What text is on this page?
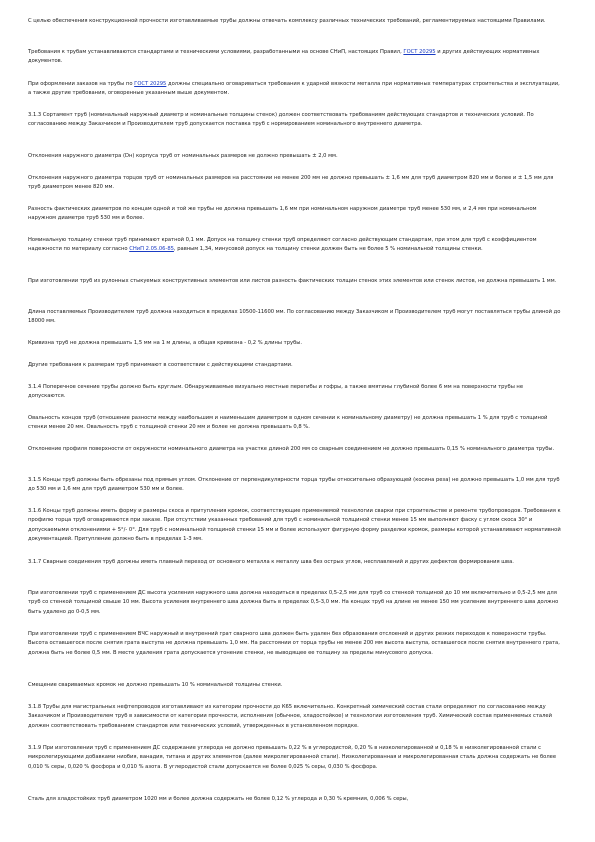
С целью обеспечения конструкционной прочности изготавливаемые трубы должны отвечать комплексу различных технических требований, регламентируемых настоящими Правилами.

Требования к трубам устанавливаются стандартами и техническими условиями, разработанными на основе СНиП, настоящих Правил, ГОСТ 20295 и других действующих нормативных документов.

При оформлении заказов на трубы по ГОСТ 20295 должны специально оговариваться требования к ударной вязкости металла при нормативных температурах строительства и эксплуатации, а также другие требования, оговоренные указанным выше документом.

3.1.3 Сортамент труб (номинальный наружный диаметр и номинальные толщины стенок) должен соответствовать требованиям действующих стандартов и технических условий. По согласованию между Заказчиком и Производителем труб допускается поставка труб с нормированием номинального внутреннего диаметра.

Отклонения наружного диаметра (Dн) корпуса труб от номинальных размеров не должно превышать ± 2,0 мм.

Отклонения наружного диаметра торцов труб от номинальных размеров на расстоянии не менее 200 мм не должно превышать ± 1,6 мм для труб диаметром 820 мм и более и ± 1,5 мм для труб диаметром менее 820 мм.

Разность фактических диаметров по концам одной и той же трубы не должна превышать 1,6 мм при номинальном наружном диаметре труб менее 530 мм, и 2,4 мм при номинальном наружном диаметре труб 530 мм и более.

Номинальную толщину стенки труб принимают кратной 0,1 мм. Допуск на толщину стенки труб определяют согласно действующим стандартам, при этом для труб с коэффициентом надежности по материалу согласно СНиП 2.05.06-85, равным 1,34, минусовой допуск на толщину стенки должен быть не более 5 % номинальной толщины стенки.

При изготовлении труб из рулонных стыкуемых конструктивных элементов или листов разность фактических толщин стенок этих элементов или стенок листов, не должна превышать 1 мм.

Длина поставляемых Производителем труб должна находиться в пределах 10500-11600 мм. По согласованию между Заказчиком и Производителем труб могут поставляться трубы длиной до 18000 мм.

Кривизна труб не должна превышать 1,5 мм на 1 м длины, а общая кривизна - 0,2 % длины трубы.

Другие требования к размерам труб принимают в соответствии с действующими стандартами.

3.1.4 Поперечное сечение трубы должно быть круглым. Обнаруживаемые визуально местные перегибы и гофры, а также вмятины глубиной более 6 мм на поверхности трубы не допускаются.

Овальность концов труб (отношение разности между наибольшим и наименьшим диаметром в одном сечении к номинальному диаметру) не должна превышать 1 % для труб с толщиной стенки менее 20 мм. Овальность труб с толщиной стенки 20 мм и более не должна превышать 0,8 %.

Отклонение профиля поверхности от окружности номинального диаметра на участке длиной 200 мм со сварным соединением не должно превышать 0,15 % номинального диаметра трубы.

3.1.5 Концы труб должны быть обрезаны под прямым углом. Отклонение от перпендикулярности торца трубы относительно образующей (косина реза) не должно превышать 1,0 мм для труб до 530 мм и 1,6 мм для труб диаметром 530 мм и более.

3.1.6 Концы труб должны иметь форму и размеры скоса и притупления кромок, соответствующие применяемой технологии сварки при строительстве и ремонте трубопроводов. Требования к профилю торца труб оговариваются при заказе. При отсутствии указанных требований для труб с номинальной толщиной стенки менее 15 мм выполняют фаску с углом скоса 30° и допускаемыми отклонениями + 5°/- 0°. Для труб с номинальной толщиной стенки 15 мм и более используют фигурную форму разделки кромок, размеры которой устанавливают нормативной документацией. Притупление должно быть в пределах 1-3 мм.

3.1.7 Сварные соединения труб должны иметь плавный переход от основного металла к металлу шва без острых углов, несплавлений и других дефектов формирования шва.

При изготовлении труб с применением ДС высота усиления наружного шва должна находиться в пределах 0,5-2,5 мм для труб со стенкой толщиной до 10 мм включительно и 0,5-2,5 мм для труб со стенкой толщиной свыше 10 мм. Высота усиления внутреннего шва должна быть в пределах 0,5-3,0 мм. На концах труб на длине не менее 150 мм усиление внутреннего шва должно быть удалено до 0-0,5 мм.

При изготовлении труб с применением ВЧС наружный и внутренний грат сварного шва должен быть удален без образования отслоений и других резких переходов к поверхности трубы. Высота оставшегося после снятия грата выступа не должна превышать 1,0 мм. На расстоянии от торца трубы не менее 200 мм высота выступа, оставшегося после снятия внутреннего грата, должна быть не более 0,5 мм. В месте удаления грата допускается утонение стенки, не выводящее ее толщину за пределы минусового допуска.

Смещение свариваемых кромок не должно превышать 10 % номинальной толщины стенки.

3.1.8 Трубы для магистральных нефтепроводов изготавливают из категории прочности до К65 включительно. Конкретный химический состав стали определяют по согласованию между Заказчиком и Производителем труб в зависимости от категории прочности, исполнения (обычное, хладостойкое) и технологии изготовления труб. Химический состав применяемых сталей должен соответствовать требованиям стандартов или технических условий, утвержденных в установленном порядке.

3.1.9 При изготовлении труб с применением ДС содержание углерода не должно превышать 0,22 % в углеродистой, 0,20 % в низколегированной и 0,18 % в низколегированной стали с микролегирующими добавками ниобия, ванадия, титана и других элементов (далее микролегированной стали). Низколегированная и микролегированная сталь должна содержать не более 0,010 % серы, 0,020 % фосфора и 0,010 % азота. В углеродистой стали допускается не более 0,025 % серы, 0,030 % фосфора.

Сталь для хладостойких труб диаметром 1020 мм и более должна содержать не более 0,12 % углерода и 0,30 % кремния, 0,006 % серы,
